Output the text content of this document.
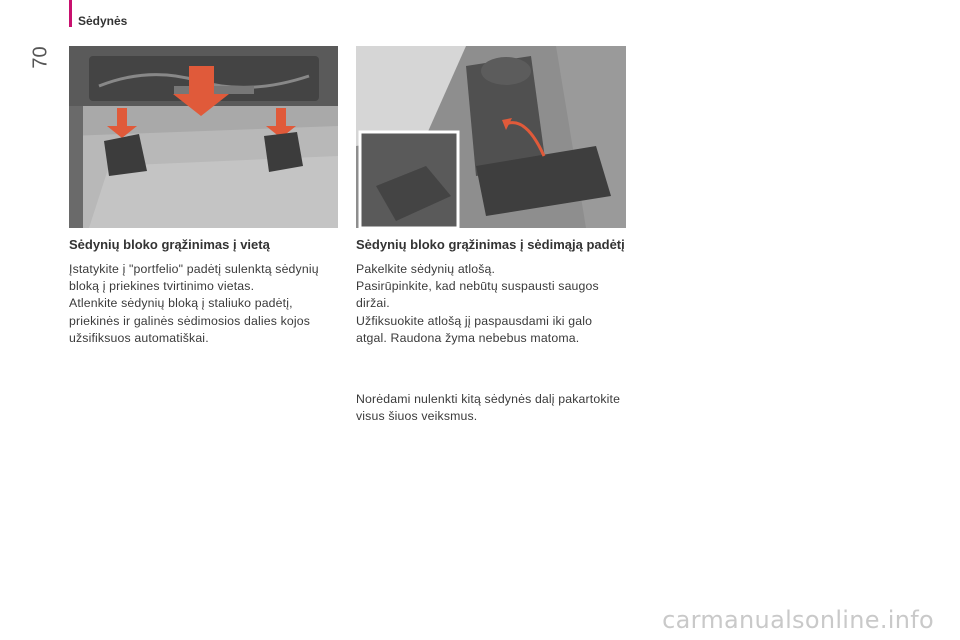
Sėdynės
70
Sėdynių bloko grąžinimas į vietą

Įstatykite į "portfelio" padėtį sulenktą sėdynių bloką į priekines tvirtinimo vietas.

Atlenkite sėdynių bloką į staliuko padėtį, priekinės ir galinės sėdimosios dalies kojos užsifiksuos automatiškai.

Sėdynių bloko grąžinimas į sėdimąją padėtį

Pakelkite sėdynių atlošą.

Pasirūpinkite, kad nebūtų suspausti saugos diržai.

Užfiksuokite atlošą jį paspausdami iki galo atgal. Raudona žyma nebebus matoma.

Norėdami nulenkti kitą sėdynės dalį pakartokite visus šiuos veiksmus.

carmanualsonline.info
